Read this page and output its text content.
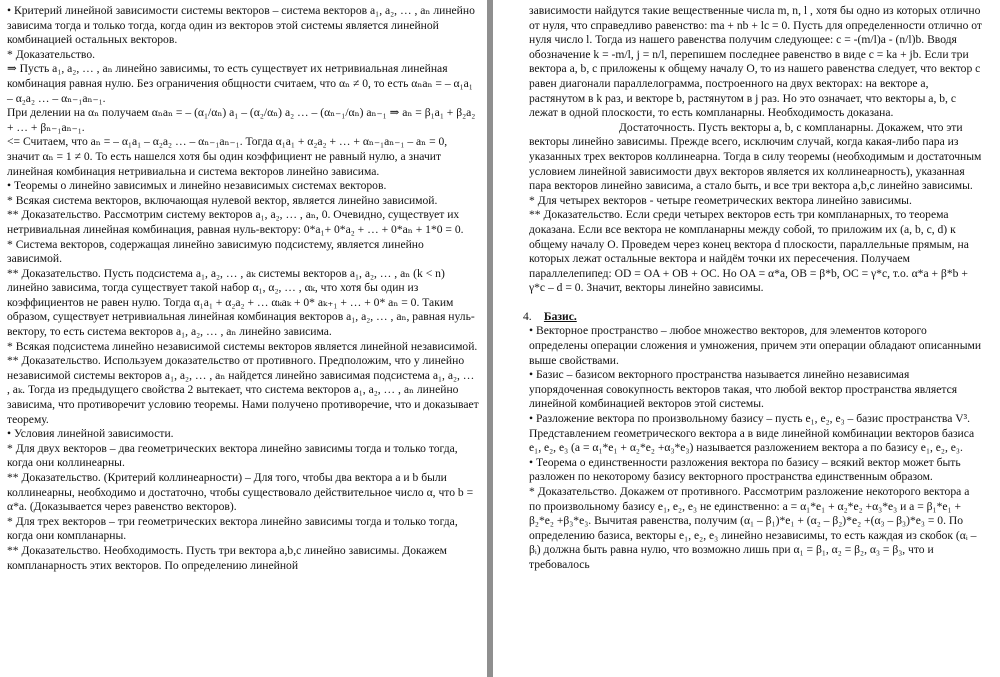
• Критерий линейной зависимости системы векторов – система векторов a₁, a₂, … , aₙ линейно зависима тогда и только тогда, когда один из векторов этой системы является линейной комбинацией остальных векторов.

* Доказательство.

⇒ Пусть a₁, a₂, … , aₙ линейно зависимы, то есть существует их нетривиальная линейная комбинация равная нулю. Без ограничения общности считаем, что αₙ ≠ 0, то есть αₙaₙ = – α₁a₁ – α₂a₂ … – αₙ₋₁aₙ₋₁.

При делении на αₙ получаем αₙaₙ = – (α₁/αₙ) a₁ – (α₂/αₙ) a₂ … – (αₙ₋₁/αₙ) aₙ₋₁ ⇒ aₙ = β₁a₁ + β₂a₂ + … + βₙ₋₁aₙ₋₁.

<= Считаем, что aₙ = – α₁a₁ – α₂a₂ … – αₙ₋₁aₙ₋₁. Тогда α₁a₁ + α₂a₂ + … + αₙ₋₁aₙ₋₁ – aₙ = 0, значит αₙ = 1 ≠ 0. То есть нашелся хотя бы один коэффициент не равный нулю, а значит линейная комбинация нетривиальна и система векторов линейно зависима.

• Теоремы о линейно зависимых и линейно независимых системах векторов.

* Всякая система векторов, включающая нулевой вектор, является линейно зависимой.

** Доказательство. Рассмотрим систему векторов a₁, a₂, … , aₙ, 0. Очевидно, существует их нетривиальная линейная комбинация, равная нуль-вектору: 0*a₁+ 0*a₂ + … + 0*aₙ + 1*0 = 0.

* Система векторов, содержащая линейно зависимую подсистему, является линейно зависимой.

** Доказательство. Пусть подсистема a₁, a₂, … , aₖ системы векторов a₁, a₂, … , aₙ (k < n) линейно зависима, тогда существует такой набор α₁, α₂, … , αₖ, что хотя бы один из коэффициентов не равен нулю. Тогда α₁a₁ + α₂a₂ + … αₖaₖ + 0* aₖ₊₁ + … + 0* aₙ = 0. Таким образом, существует нетривиальная линейная комбинация векторов a₁, a₂, … , aₙ, равная нуль-вектору, то есть система векторов a₁, a₂, … , aₙ линейно зависима.

* Всякая подсистема линейно независимой системы векторов является линейной независимой.

** Доказательство. Используем доказательство от противного. Предположим, что у линейно независимой системы векторов a₁, a₂, … , aₙ найдется линейно зависимая подсистема a₁, a₂, … , aₖ. Тогда из предыдущего свойства 2 вытекает, что система векторов a₁, a₂, … , aₙ линейно зависима, что противоречит условию теоремы. Нами получено противоречие, что и доказывает теорему.

• Условия линейной зависимости.

* Для двух векторов – два геометрических вектора линейно зависимы тогда и только тогда, когда они коллинеарны.

** Доказательство. (Критерий коллинеарности) – Для того, чтобы два вектора a и b были коллинеарны, необходимо и достаточно, чтобы существовало действительное число α, что b = α*a. (Доказывается через равенство векторов).

* Для трех векторов – три геометрических вектора линейно зависимы тогда и только тогда, когда они компланарны.

** Доказательство. Необходимость. Пусть три вектора a,b,c линейно зависимы. Докажем компланарность этих векторов. По определению линейной

зависимости найдутся такие вещественные числа m, n, l , хотя бы одно из которых отлично от нуля, что справедливо равенство: ma + nb + lc = 0. Пусть для определенности отлично от нуля число l. Тогда из нашего равенства получим следующее: c = -(m/l)a - (n/l)b. Вводя обозначение k = -m/l, j = n/l, перепишем последнее равенство в виде c = ka + jb. Если три вектора a, b, c приложены к общему началу O, то из нашего равенства следует, что вектор c равен диагонали параллелограмма, построенного на двух векторах: на векторе a, растянутом в k раз, и векторе b, растянутом в j раз. Но это означает, что векторы a, b, c лежат в одной плоскости, то есть компланарны. Необходимость доказана.

Достаточность. Пусть векторы a, b, c компланарны. Докажем, что эти векторы линейно зависимы. Прежде всего, исключим случай, когда какая-либо пара из указанных трех векторов коллинеарна. Тогда в силу теоремы (необходимым и достаточным условием линейной зависимости двух векторов является их коллинеарность), указанная пара векторов линейно зависима, а стало быть, и все три вектора a,b,c линейно зависимы.

* Для четырех векторов - четыре геометрических вектора линейно зависимы.

** Доказательство. Если среди четырех векторов есть три компланарных, то теорема доказана. Если все вектора не компланарны между собой, то приложим их (a, b, c, d) к общему началу O. Проведем через конец вектора d плоскости, параллельные прямым, на которых лежат остальные вектора и найдём точки их пересечения. Получаем параллелепипед: OD = OA + OB + OC. Но OA = α*a, OB = β*b, OC = γ*c, т.о. α*a + β*b + γ*c – d = 0. Значит, векторы линейно зависимы.

4. Базис.

• Векторное пространство – любое множество векторов, для элементов которого определены операции сложения и умножения, причем эти операции обладают описанными выше свойствами.

• Базис – базисом векторного пространства называется линейно независимая упорядоченная совокупность векторов такая, что любой вектор пространства является линейной комбинацией векторов этой системы.

• Разложение вектора по произвольному базису – пусть e₁, e₂, e₃ – базис пространства V³. Представлением геометрического вектора a в виде линейной комбинации векторов базиса e₁, e₂, e₃ (a = α₁*e₁ + α₂*e₂ +α₃*e₃) называется разложением вектора a по базису e₁, e₂, e₃.

• Теорема о единственности разложения вектора по базису – всякий вектор может быть разложен по некоторому базису векторного пространства единственным образом.

* Доказательство. Докажем от противного. Рассмотрим разложение некоторого вектора a по произвольному базису e₁, e₂, e₃ не единственно: a = α₁*e₁ + α₂*e₂ +α₃*e₃ и a = β₁*e₁ + β₂*e₂ +β₃*e₃. Вычитая равенства, получим (α₁ – β₁)*e₁ + (α₂ – β₂)*e₂ +(α₃ – β₃)*e₃ = 0. По определению базиса, векторы e₁, e₂, e₃ линейно независимы, то есть каждая из скобок (αᵢ – βᵢ) должна быть равна нулю, что возможно лишь при α₁ = β₁, α₂ = β₂, α₃ = β₃, что и требовалось
